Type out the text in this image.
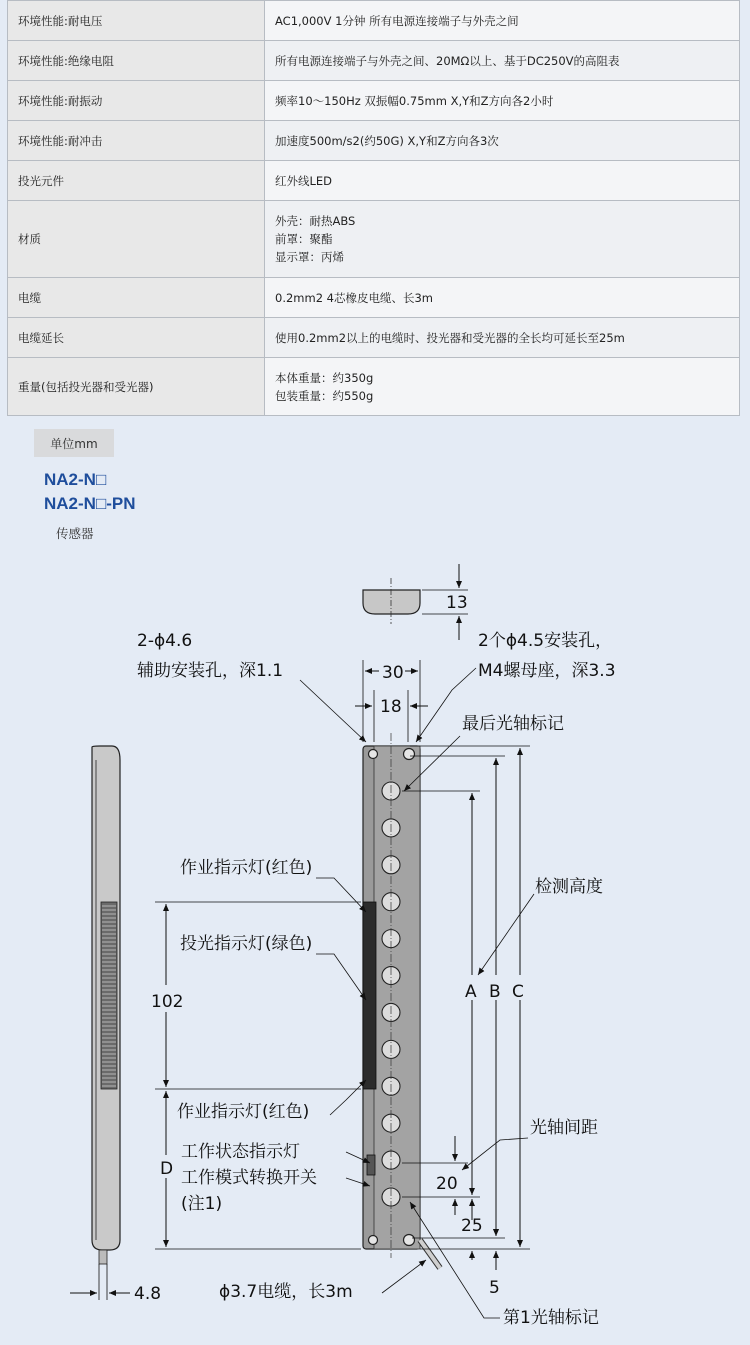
环境性能:耐电压	AC1,000V 1分钟 所有电源连接端子与外壳之间

环境性能:绝缘电阻	所有电源连接端子与外壳之间、20MΩ以上、基于DC250V的高阻表

环境性能:耐振动	频率10～150Hz 双振幅0.75mm X,Y和Z方向各2小时

环境性能:耐冲击	加速度500m/s2(约50G) X,Y和Z方向各3次

投光元件	红外线LED

材质	外壳：耐热ABS
前罩：聚酯
显示罩：丙烯

电缆	0.2mm2 4芯橡皮电缆、长3m

电缆延长	使用0.2mm2以上的电缆时、投光器和受光器的全长均可延长至25m

重量(包括投光器和受光器)	本体重量：约350g
包装重量：约550g
单位mm
NA2-N□
NA2-N□-PN
传感器
13
4.8
30
18
2-ϕ4.6
辅助安装孔，深1.1
2个ϕ4.5安装孔，
M4螺母座，深3.3
最后光轴标记
A B C
检测高度
作业指示灯(红色)
投光指示灯(绿色)
102
D
作业指示灯(红色)
工作状态指示灯
工作模式转换开关
(注1)
20
25
5
光轴间距
ϕ3.7电缆，长3m
第1光轴标记
